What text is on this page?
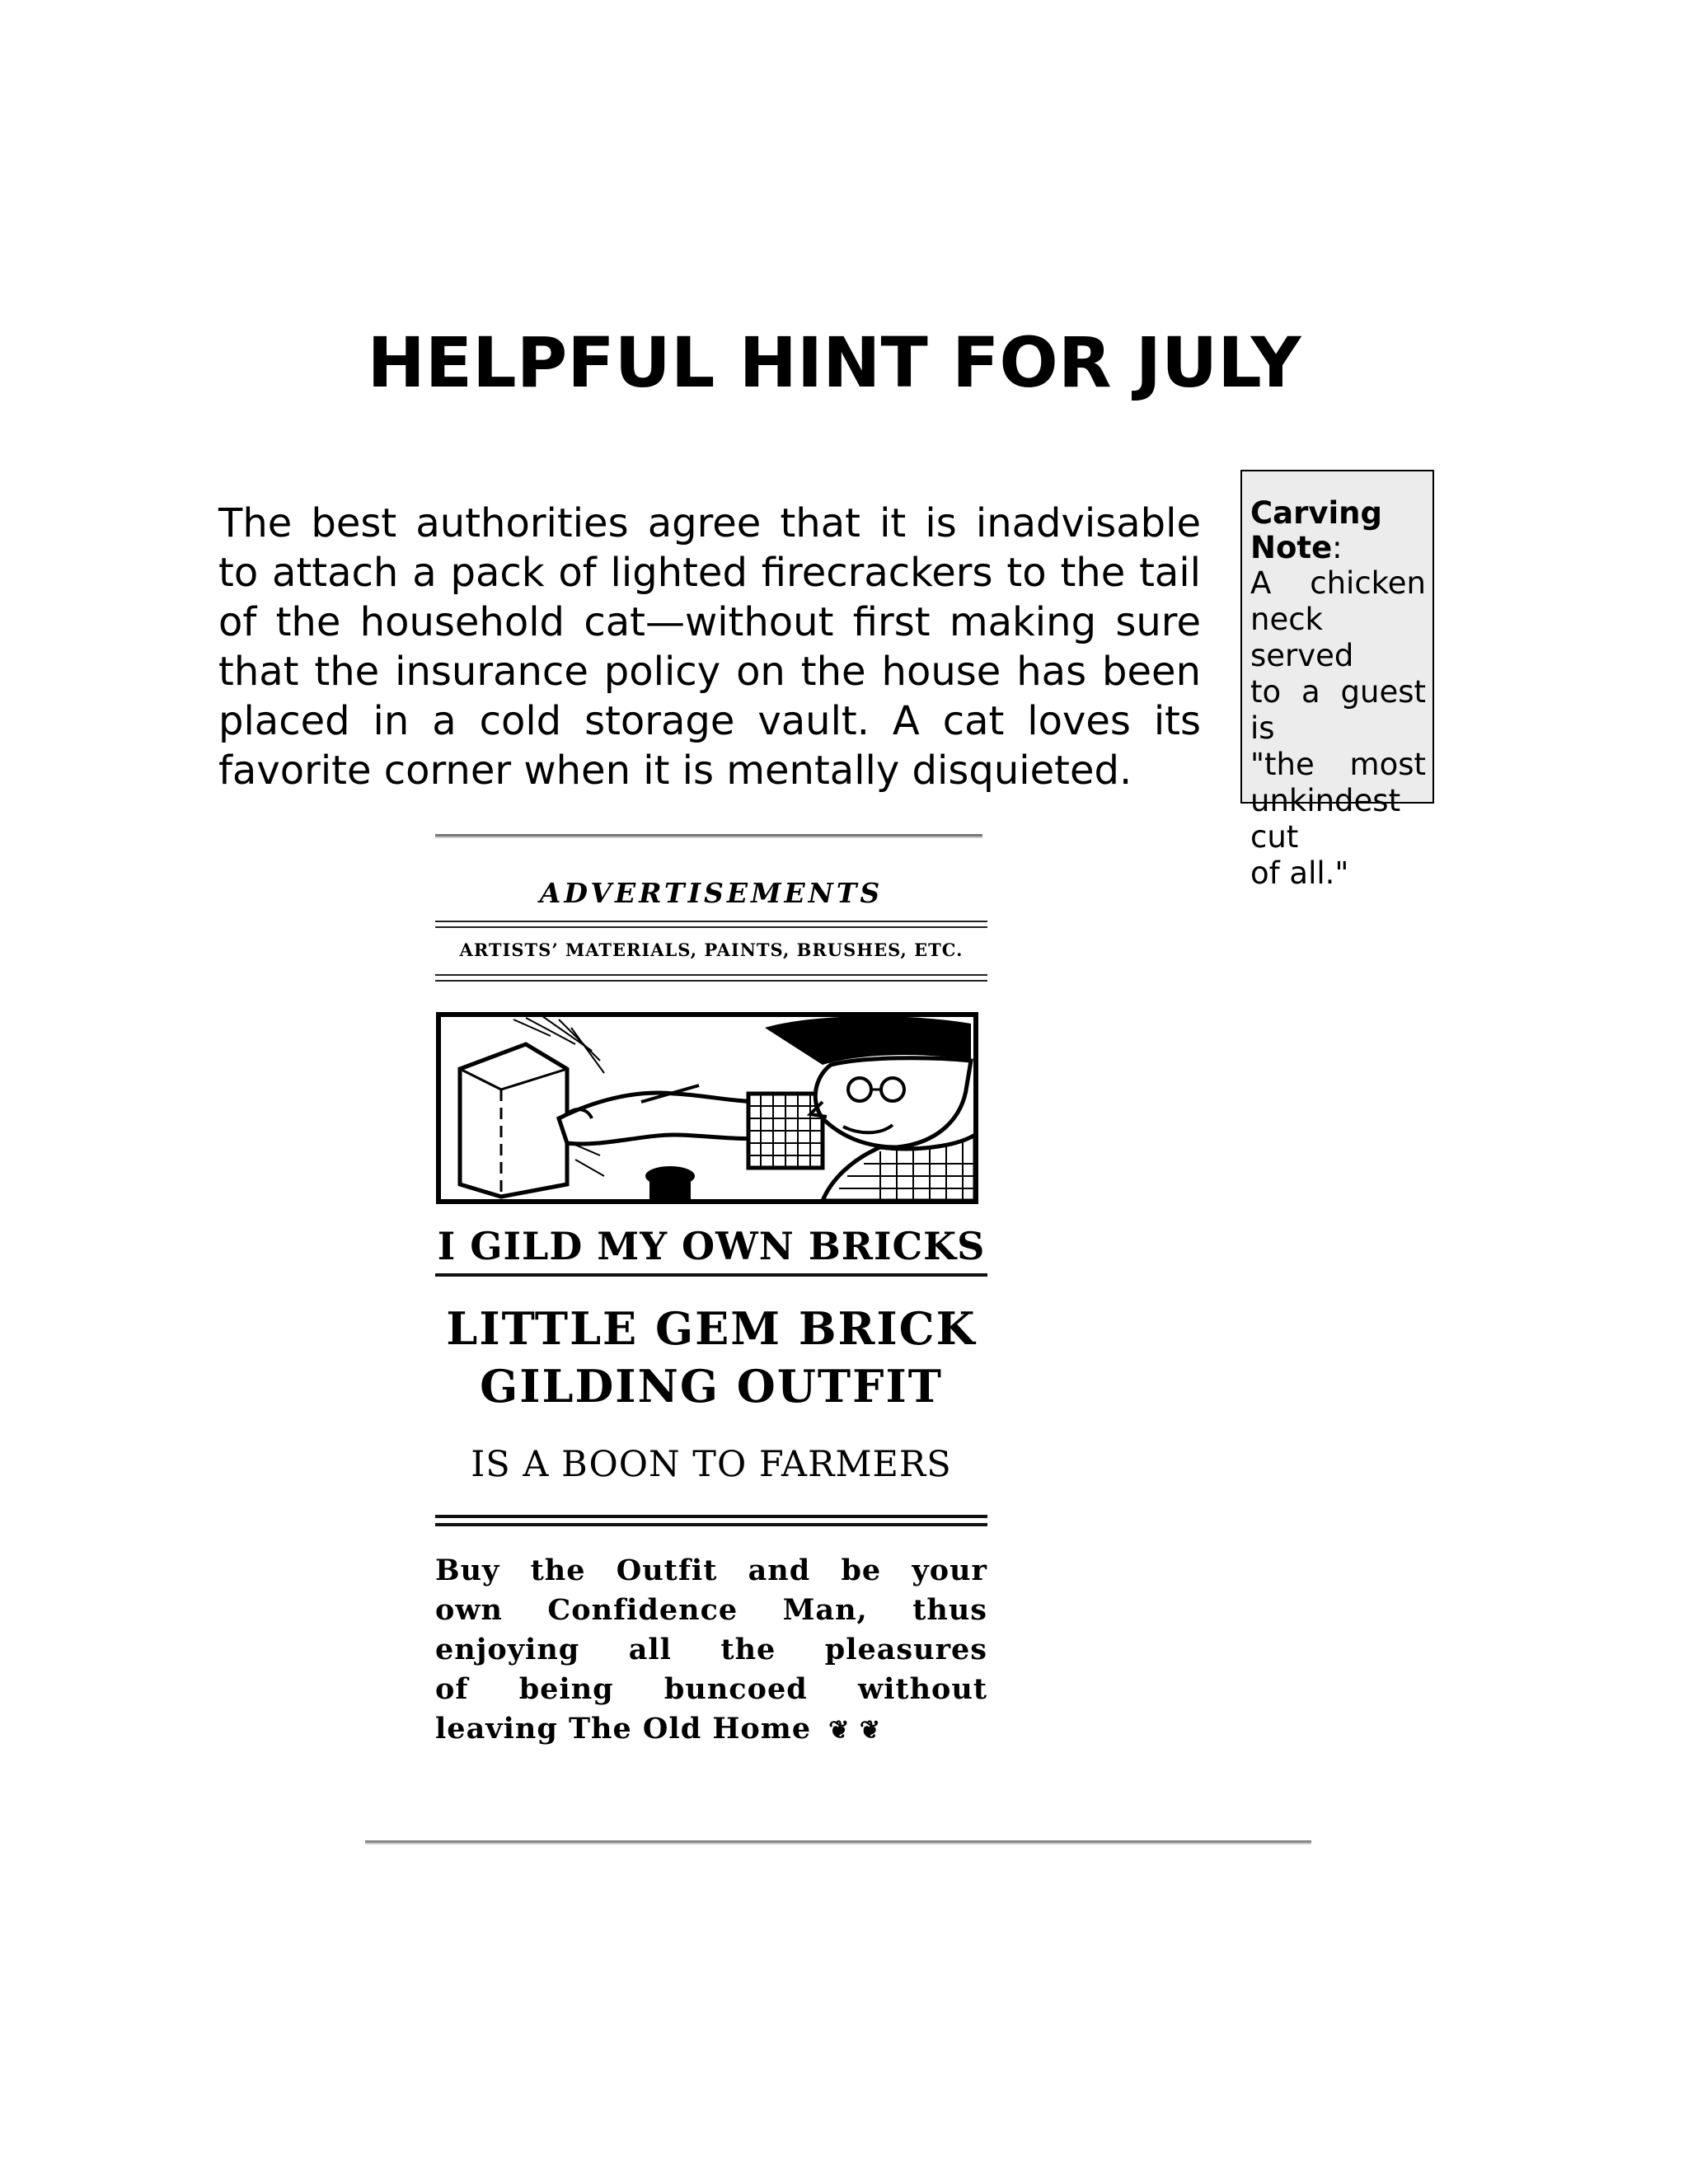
HELPFUL HINT FOR JULY

The best authorities agree that it is inadvisable to attach a pack of lighted firecrackers to the tail of the household cat—without first making sure that the insurance policy on the house has been placed in a cold storage vault. A cat loves its favorite corner when it is mentally disquieted.

Carving Note:
A chicken
neck served
to a guest is
"the most
unkindest cut
of all."
ADVERTISEMENTS
ARTISTS’ MATERIALS, PAINTS, BRUSHES, ETC.
I GILD MY OWN BRICKS
LITTLE GEM BRICK
GILDING OUTFIT
IS A BOON TO FARMERS
Buy the Outfit and be your
own Confidence Man, thus
enjoying all the pleasures
of being buncoed without
leaving The Old Home ❦ ❦
